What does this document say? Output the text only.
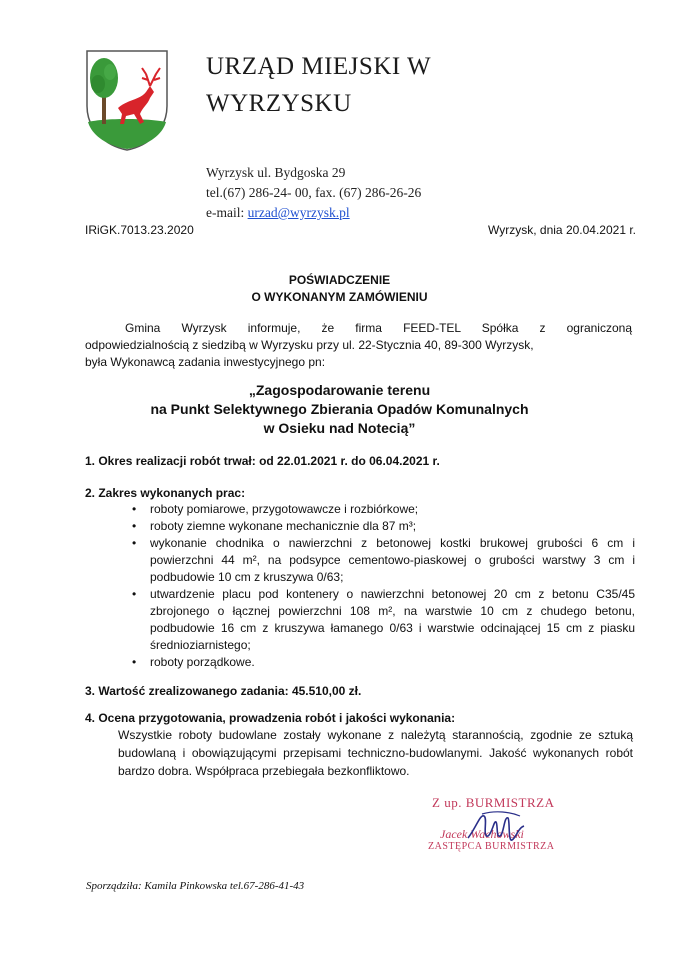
URZĄD MIEJSKI W
WYRZYSKU
Wyrzysk ul. Bydgoska 29
tel.(67) 286-24- 00, fax. (67) 286-26-26
e-mail: urzad@wyrzysk.pl
IRiGK.7013.23.2020	Wyrzysk, dnia 20.04.2021 r.
POŚWIADCZENIE
O WYKONANYM ZAMÓWIENIU
Gmina Wyrzysk informuje, że firma FEED-TEL Spółka z ograniczoną
odpowiedzialnością z siedzibą w Wyrzysku przy ul. 22-Stycznia 40, 89-300 Wyrzysk,
była Wykonawcą zadania inwestycyjnego pn:
„Zagospodarowanie terenu
na Punkt Selektywnego Zbierania Opadów Komunalnych
w Osieku nad Notecią”
1. Okres realizacji robót trwał: od 22.01.2021 r. do 06.04.2021 r.
2. Zakres wykonanych prac:
• roboty pomiarowe, przygotowawcze i rozbiórkowe;
• roboty ziemne wykonane mechanicznie dla 87 m³;
• wykonanie chodnika o nawierzchni z betonowej kostki brukowej grubości 6 cm i powierzchni 44 m², na podsypce cementowo-piaskowej o grubości warstwy 3 cm i podbudowie 10 cm z kruszywa 0/63;
• utwardzenie placu pod kontenery o nawierzchni betonowej 20 cm z betonu C35/45 zbrojonego o łącznej powierzchni 108 m², na warstwie 10 cm z chudego betonu, podbudowie 16 cm z kruszywa łamanego 0/63 i warstwie odcinającej 15 cm z piasku średnioziarnistego;
• roboty porządkowe.
3. Wartość zrealizowanego zadania: 45.510,00 zł.
4. Ocena przygotowania, prowadzenia robót i jakości wykonania:
Wszystkie roboty budowlane zostały wykonane z należytą starannością, zgodnie ze sztuką budowlaną i obowiązującymi przepisami techniczno-budowlanymi. Jakość wykonanych robót bardzo dobra. Współpraca przebiegała bezkonfliktowo.
Z up. BURMISTRZA
Jacek Wachowski
ZASTĘPCA BURMISTRZA
Sporządziła: Kamila Pinkowska tel.67-286-41-43
